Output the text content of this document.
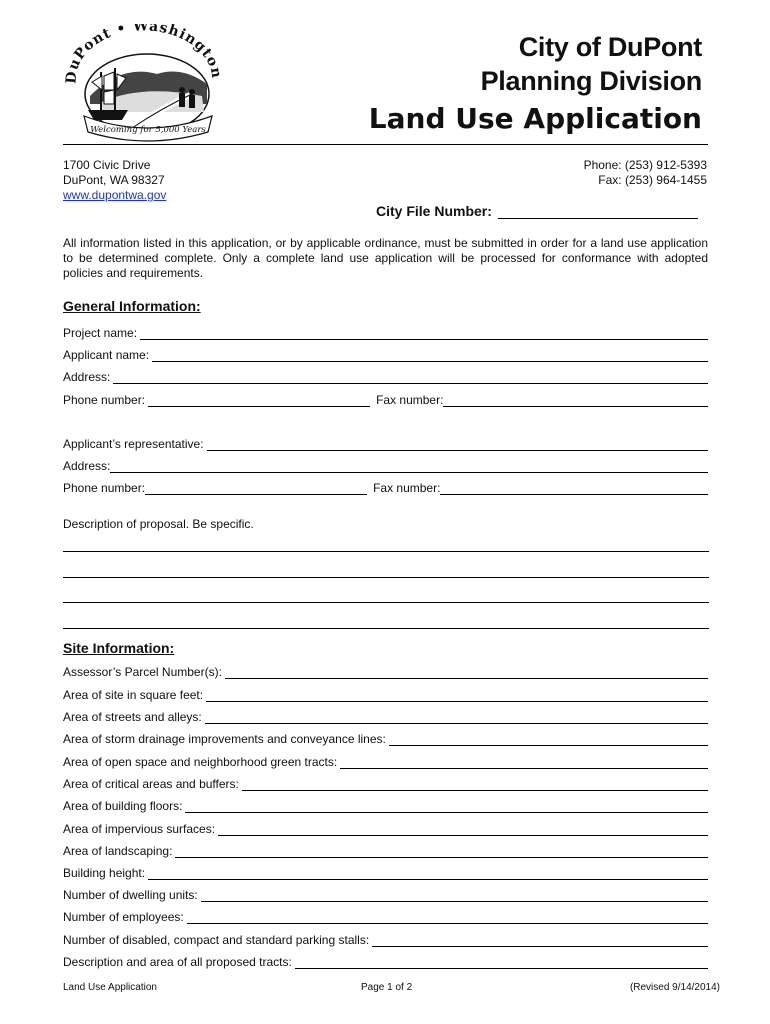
DuPont • Washingto
Welcoming for 5,000 Years
City of DuPont
Planning Division
Land Use Application
1700 Civic Drive
DuPont, WA 98327
www.dupontwa.gov
Phone: (253) 912-5393
Fax: (253) 964-1455
City File Number:
All information listed in this application, or by applicable ordinance, must be submitted in order for a land use application to be determined complete. Only a complete land use application will be processed for conformance with adopted policies and requirements.
General Information:
Project name:
Applicant name:
Address:
Phone number:	Fax number:
Applicant’s representative:
Address:
Phone number:	Fax number:
Description of proposal. Be specific.
Site Information:
Assessor’s Parcel Number(s):
Area of site in square feet:
Area of streets and alleys:
Area of storm drainage improvements and conveyance lines:
Area of open space and neighborhood green tracts:
Area of critical areas and buffers:
Area of building floors:
Area of impervious surfaces:
Area of landscaping:
Building height:
Number of dwelling units:
Number of employees:
Number of disabled, compact and standard parking stalls:
Description and area of all proposed tracts:
Land Use Application	Page 1 of 2	(Revised 9/14/2014)
